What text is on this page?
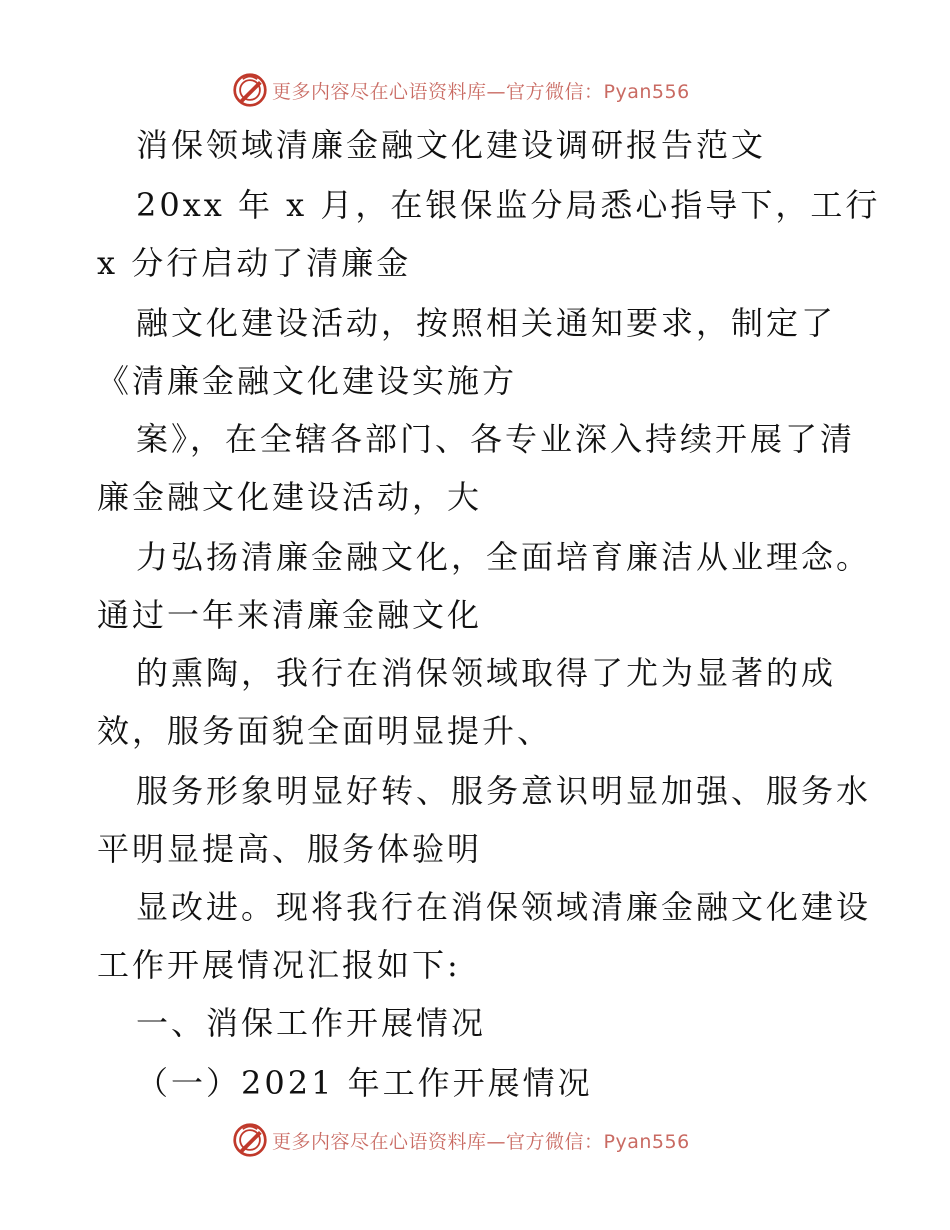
更多内容尽在心语资料库—官方微信：Pyan556
消保领域清廉金融文化建设调研报告范文
20xx 年 x 月，在银保监分局悉心指导下，工行
x 分行启动了清廉金
融文化建设活动，按照相关通知要求，制定了
《清廉金融文化建设实施方
案》，在全辖各部门、各专业深入持续开展了清
廉金融文化建设活动，大
力弘扬清廉金融文化，全面培育廉洁从业理念。
通过一年来清廉金融文化
的熏陶，我行在消保领域取得了尤为显著的成
效，服务面貌全面明显提升、
服务形象明显好转、服务意识明显加强、服务水
平明显提高、服务体验明
显改进。现将我行在消保领域清廉金融文化建设
工作开展情况汇报如下:
一、消保工作开展情况
（一）2021 年工作开展情况
更多内容尽在心语资料库—官方微信：Pyan556
